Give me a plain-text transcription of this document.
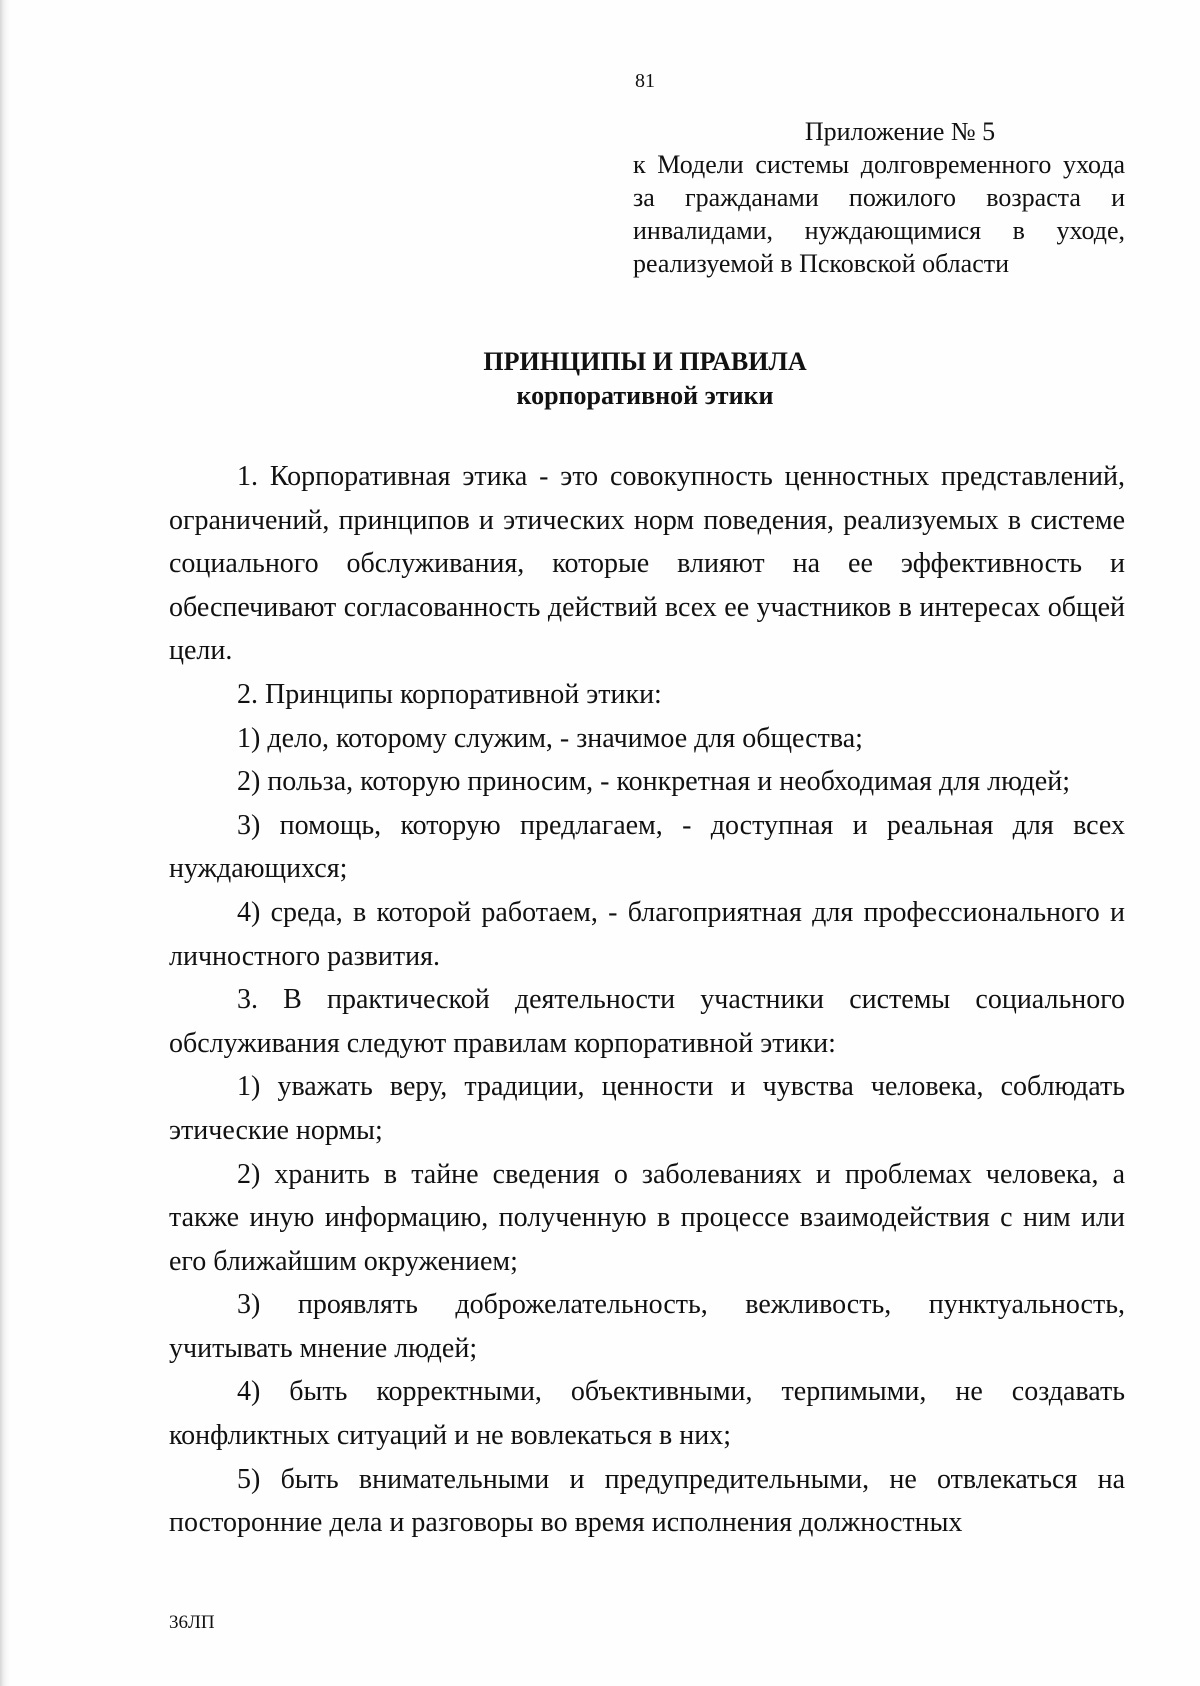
81

Приложение № 5

к Модели системы долговременного ухода за гражданами пожилого возраста и инвалидами, нуждающимися в уходе, реализуемой в Псковской области

ПРИНЦИПЫ И ПРАВИЛА

корпоративной этики

1. Корпоративная этика - это совокупность ценностных представлений, ограничений, принципов и этических норм поведения, реализуемых в системе социального обслуживания, которые влияют на ее эффективность и обеспечивают согласованность действий всех ее участников в интересах общей цели.

2. Принципы корпоративной этики:

1) дело, которому служим, - значимое для общества;

2) польза, которую приносим, - конкретная и необходимая для людей;

3) помощь, которую предлагаем, - доступная и реальная для всех нуждающихся;

4) среда, в которой работаем, - благоприятная для профессионального и личностного развития.

3. В практической деятельности участники системы социального обслуживания следуют правилам корпоративной этики:

1) уважать веру, традиции, ценности и чувства человека, соблюдать этические нормы;

2) хранить в тайне сведения о заболеваниях и проблемах человека, а также иную информацию, полученную в процессе взаимодействия с ним или его ближайшим окружением;

3) проявлять доброжелательность, вежливость, пунктуальность, учитывать мнение людей;

4) быть корректными, объективными, терпимыми, не создавать конфликтных ситуаций и не вовлекаться в них;

5) быть внимательными и предупредительными, не отвлекаться на посторонние дела и разговоры во время исполнения должностных

36ЛП
